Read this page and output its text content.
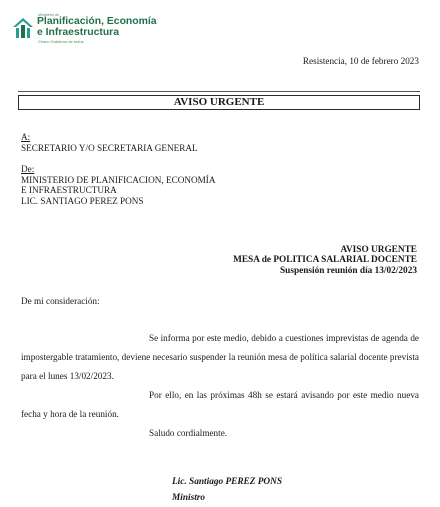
Ministerio de
Planificación, Economía
e Infraestructura
Chaco Gobierno de todos
Resistencia, 10 de febrero 2023
AVISO URGENTE
A:
SECRETARIO Y/O SECRETARIA GENERAL
De:
MINISTERIO DE PLANIFICACION, ECONOMÍA
E INFRAESTRUCTURA
LIC. SANTIAGO PEREZ PONS
AVISO URGENTE
MESA de POLITICA SALARIAL DOCENTE
Suspensión reunión día 13/02/2023
De mi consideración:
Se informa por este medio, debido a cuestiones imprevistas de agenda de impostergable tratamiento, deviene necesario suspender la reunión mesa de política salarial docente prevista para el lunes 13/02/2023.
Por ello, en las próximas 48h se estará avisando por este medio nueva fecha y hora de la reunión.
Saludo cordialmente.
Lic. Santiago PEREZ PONS
Ministro
